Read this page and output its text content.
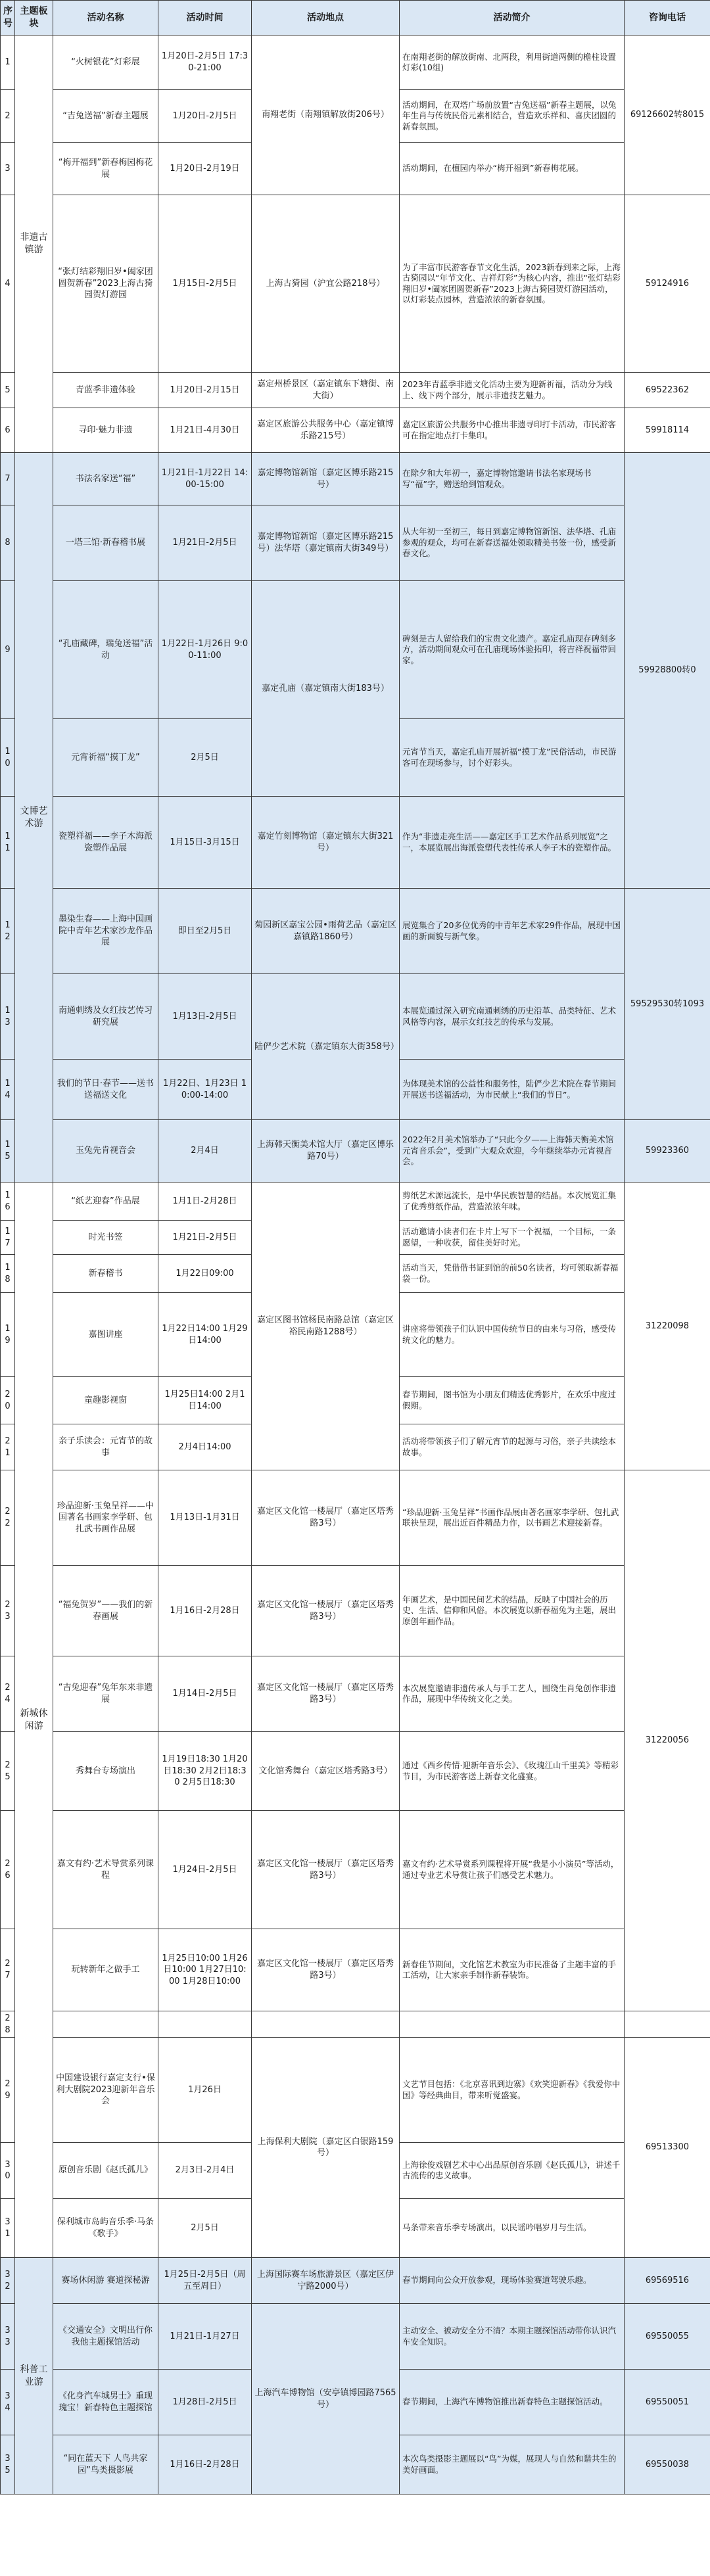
序号	主题板块	活动名称	活动时间	活动地点	活动简介	咨询电话
1	非遗古镇游	“火树银花”灯彩展	1月20日-2月5日 17:30-21:00	南翔老街（南翔镇解放街206号）	在南翔老街的解放街南、北两段，利用街道两侧的檐柱设置灯彩(10组)	69126602转8015
2		“吉兔送福”新春主题展	1月20日-2月5日		活动期间，在双塔广场前放置“吉兔送福”新春主题展，以兔年生肖与传统民俗元素相结合，营造欢乐祥和、喜庆团圆的新春氛围。	
3		“梅开福到”新春梅园梅花展	1月20日-2月19日		活动期间，在檀园内举办“梅开福到”新春梅花展。	
4		“张灯结彩翔旧岁•阖家团圆贺新春”2023上海古猗园贺灯游园	1月15日-2月5日	上海古猗园（沪宜公路218号）	为了丰富市民游客春节文化生活，2023新春到来之际，上海古猗园以“年节文化、吉祥灯彩”为核心内容，推出“张灯结彩翔旧岁•阖家团圆贺新春”2023上海古猗园贺灯游园活动，以灯彩装点园林，营造浓浓的新春氛围。	59124916
5		青蓝季非遗体验	1月20日-2月15日	嘉定州桥景区（嘉定镇东下塘街、南大街）	2023年青蓝季非遗文化活动主要为迎新祈福，活动分为线上、线下两个部分，展示非遗技艺魅力。	69522362
6		寻印·魅力非遗	1月21日-4月30日	嘉定区旅游公共服务中心（嘉定镇博乐路215号）	嘉定区旅游公共服务中心推出非遗寻印打卡活动，市民游客可在指定地点打卡集印。	59918114
7	文博艺术游	书法名家送“福”	1月21日-1月22日 14:00-15:00	嘉定博物馆新馆（嘉定区博乐路215号）	在除夕和大年初一，嘉定博物馆邀请书法名家现场书写“福”字，赠送给到馆观众。	59928800转0
8		一塔三馆·新春稽书展	1月21日-2月5日	嘉定博物馆新馆（嘉定区博乐路215号）法华塔（嘉定镇南大街349号）	从大年初一至初三，每日到嘉定博物馆新馆、法华塔、孔庙参观的观众，均可在新春送福处领取精美书签一份，感受新春文化。	
9		“孔庙藏碑，瑞兔送福”活动	1月22日-1月26日 9:00-11:00	嘉定孔庙（嘉定镇南大街183号）	碑刻是古人留给我们的宝贵文化遗产。嘉定孔庙现存碑刻多方，活动期间观众可在孔庙现场体验拓印，将吉祥祝福带回家。	
10		元宵祈福“摸丁龙”	2月5日		元宵节当天，嘉定孔庙开展祈福“摸丁龙”民俗活动，市民游客可在现场参与，讨个好彩头。	
11		瓷塑祥福——李子木海派瓷塑作品展	1月15日-3月15日	嘉定竹刻博物馆（嘉定镇东大街321号）	作为“非遗走亮生活——嘉定区手工艺术作品系列展览”之一，本展览展出海派瓷塑代表性传承人李子木的瓷塑作品。	
12		墨染生春——上海中国画院中青年艺术家沙龙作品展	即日至2月5日	菊园新区嘉宝公园•雨荷艺品（嘉定区嘉镇路1860号）	展览集合了20多位优秀的中青年艺术家29件作品，展现中国画的新面貌与新气象。	59529530转1093
13		南通刺绣及女红技艺传习研究展	1月13日-2月5日	陆俨少艺术院（嘉定镇东大街358号）	本展览通过深入研究南通刺绣的历史沿革、品类特征、艺术风格等内容，展示女红技艺的传承与发展。	
14		我们的节日·春节——送书送福送文化	1月22日、1月23日 10:00-14:00		为体现美术馆的公益性和服务性，陆俨少艺术院在春节期间开展送书送福活动，为市民献上“我们的节日”。	
15		玉兔先肯视音会	2月4日	上海韩天衡美术馆大厅（嘉定区博乐路70号）	2022年2月美术馆举办了“只此今夕——上海韩天衡美术馆元宵音乐会”，受到广大观众欢迎，今年继续举办元宵视音会。	59923360
16	新城休闲游	“纸艺迎春”作品展	1月1日-2月28日	嘉定区图书馆杨民南路总馆（嘉定区裕民南路1288号）	剪纸艺术源远流长，是中华民族智慧的结晶。本次展览汇集了优秀剪纸作品，营造浓浓年味。	31220098
17		时光书签	1月21日-2月5日		活动邀请小读者们在卡片上写下一个祝福，一个目标，一条愿望，一种收获，留住美好时光。	
18		新春稽书	1月22日09:00		活动当天，凭借借书证到馆的前50名读者，均可领取新春福袋一份。	
19		嘉图讲座	1月22日14:00 1月29日14:00		讲座将带领孩子们认识中国传统节日的由来与习俗，感受传统文化的魅力。	
20		童趣影视窗	1月25日14:00 2月1日14:00		春节期间，图书馆为小朋友们精选优秀影片，在欢乐中度过假期。	
21		亲子乐读会：元宵节的故事	2月4日14:00		活动将带领孩子们了解元宵节的起源与习俗，亲子共读绘本故事。	
22		珍品迎新·玉兔呈祥——中国著名书画家李学研、包扎武书画作品展	1月13日-1月31日	嘉定区文化馆一楼展厅（嘉定区塔秀路3号）	“珍品迎新·玉兔呈祥”书画作品展由著名画家李学研、包扎武联袂呈现，展出近百件精品力作，以书画艺术迎接新春。	31220056
23		“福兔贺岁”——我们的新春画展	1月16日-2月28日	嘉定区文化馆一楼展厅（嘉定区塔秀路3号）	年画艺术，是中国民间艺术的结晶，反映了中国社会的历史、生活、信仰和风俗。本次展览以新春福兔为主题，展出原创年画作品。	
24		“吉兔迎春”兔年东来非遗展	1月14日-2月5日	嘉定区文化馆一楼展厅（嘉定区塔秀路3号）	本次展览邀请非遗传承人与手工艺人，围绕生肖兔创作非遗作品，展现中华传统文化之美。	
25		秀舞台专场演出	1月19日18:30 1月20日18:30 2月2日18:30 2月5日18:30	文化馆秀舞台（嘉定区塔秀路3号）	通过《西乡传情·迎新年音乐会》、《玫瑰江山千里美》等精彩节目，为市民游客送上新春文化盛宴。	
26		嘉文有约·艺术导赏系列课程	1月24日-2月5日	嘉定区文化馆一楼展厅（嘉定区塔秀路3号）	嘉文有约·艺术导赏系列课程将开展“我是小小演员”等活动，通过专业艺术导赏让孩子们感受艺术魅力。	
27		玩转新年之做手工	1月25日10:00 1月26日10:00 1月27日10:00 1月28日10:00	嘉定区文化馆一楼展厅（嘉定区塔秀路3号）	新春佳节期间，文化馆艺术教室为市民准备了主题丰富的手工活动，让大家亲手制作新春装饰。	
28						
29		中国建设银行嘉定支行•保利大剧院2023迎新年音乐会	1月26日	上海保利大剧院（嘉定区白银路159号）	文艺节目包括：《北京喜讯到边寨》《欢笑迎新春》《我爱你中国》等经典曲目，带来听觉盛宴。	69513300
30		原创音乐剧《赵氏孤儿》	2月3日-2月4日		上海徐俊戏剧艺术中心出品原创音乐剧《赵氏孤儿》，讲述千古流传的忠义故事。	
31		保利城市岛屿音乐季·马条《歌手》	2月5日		马条带来音乐季专场演出，以民谣吟唱岁月与生活。	
32	科普工业游	赛场休闲游 赛道探秘游	1月25日-2月5日（周五至周日）	上海国际赛车场旅游景区（嘉定区伊宁路2000号）	春节期间向公众开放参观，现场体验赛道驾驶乐趣。	69569516
33		《交通安全》文明出行你我他主题探馆活动	1月21日-1月27日	上海汽车博物馆（安亭镇博园路7565号）	主动安全、被动安全分不清？本期主题探馆活动带你认识汽车安全知识。	69550055
34		《化身汽车城男士》重现瑰宝！新春特色主题探馆	1月28日-2月5日		春节期间，上海汽车博物馆推出新春特色主题探馆活动。	69550051
35		“同在蓝天下 人鸟共家园”鸟类摄影展	1月16日-2月28日		本次鸟类摄影主题展以“鸟”为媒，展现人与自然和谐共生的美好画面。	69550038
